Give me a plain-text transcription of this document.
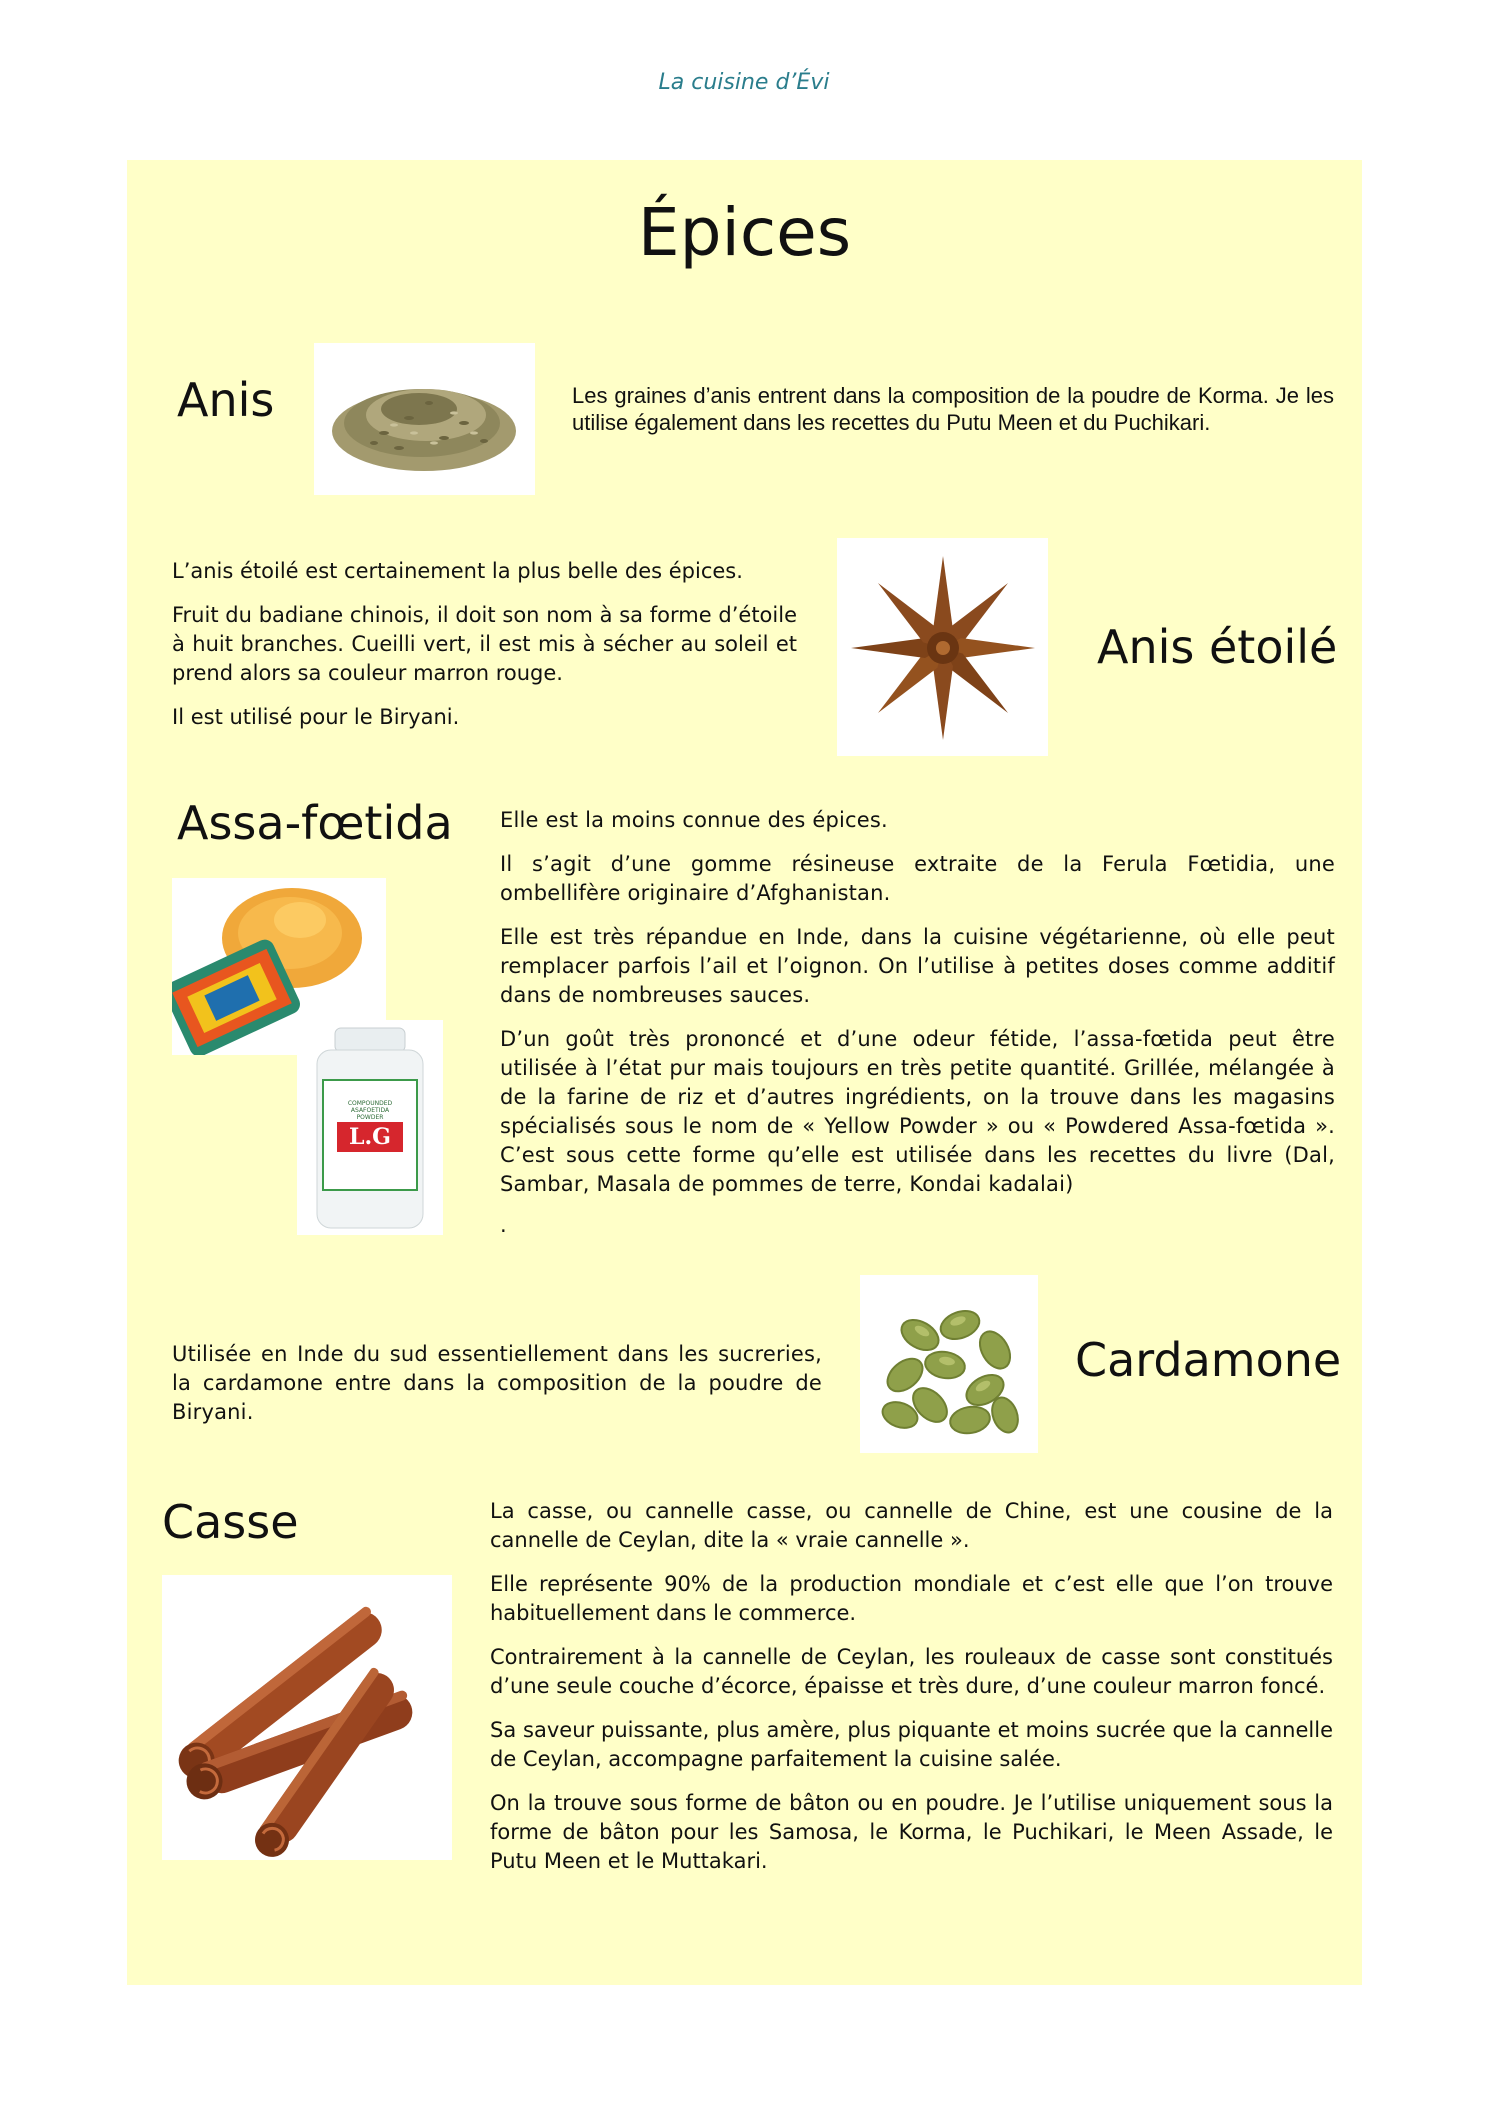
La cuisine d’Évi
Épices
Anis	Les graines d’anis entrent dans la composition de la poudre de Korma. Je les utilise également dans les recettes du Putu Meen et du Puchikari.

L’anis étoilé est certainement la plus belle des épices.

Fruit du badiane chinois, il doit son nom à sa forme d’étoile à huit branches. Cueilli vert, il est mis à sécher au soleil et prend alors sa couleur marron rouge.

Il est utilisé pour le Biryani.

Anis étoilé
Assa-fœtida
COMPOUNDED ASAFOETIDA POWDER
L.G

Elle est la moins connue des épices.

Il s’agit d’une gomme résineuse extraite de la Ferula Fœtidia, une ombellifère originaire d’Afghanistan.

Elle est très répandue en Inde, dans la cuisine végétarienne, où elle peut remplacer parfois l’ail et l’oignon. On l’utilise à petites doses comme additif dans de nombreuses sauces.

D’un goût très prononcé et d’une odeur fétide, l’assa-fœtida peut être utilisée à l’état pur mais toujours en très petite quantité. Grillée, mélangée à de la farine de riz et d’autres ingrédients, on la trouve dans les magasins spécialisés sous le nom de « Yellow Powder » ou « Powdered Assa-fœtida ». C’est sous cette forme qu’elle est utilisée dans les recettes du livre (Dal, Sambar, Masala de pommes de terre, Kondai kadalai)

.

Utilisée en Inde du sud essentiellement dans les sucreries, la cardamone entre dans la composition de la poudre de Biryani.

Cardamone
Casse	La casse, ou cannelle casse, ou cannelle de Chine, est une cousine de la cannelle de Ceylan, dite la « vraie cannelle ».

Elle représente 90% de la production mondiale et c’est elle que l’on trouve habituellement dans le commerce.

Contrairement à la cannelle de Ceylan, les rouleaux de casse sont constitués d’une seule couche d’écorce, épaisse et très dure, d’une couleur marron foncé.

Sa saveur puissante, plus amère, plus piquante et moins sucrée que la cannelle de Ceylan, accompagne parfaitement la cuisine salée.

On la trouve sous forme de bâton ou en poudre. Je l’utilise uniquement sous la forme de bâton pour les Samosa, le Korma, le Puchikari, le Meen Assade, le Putu Meen et le Muttakari.
